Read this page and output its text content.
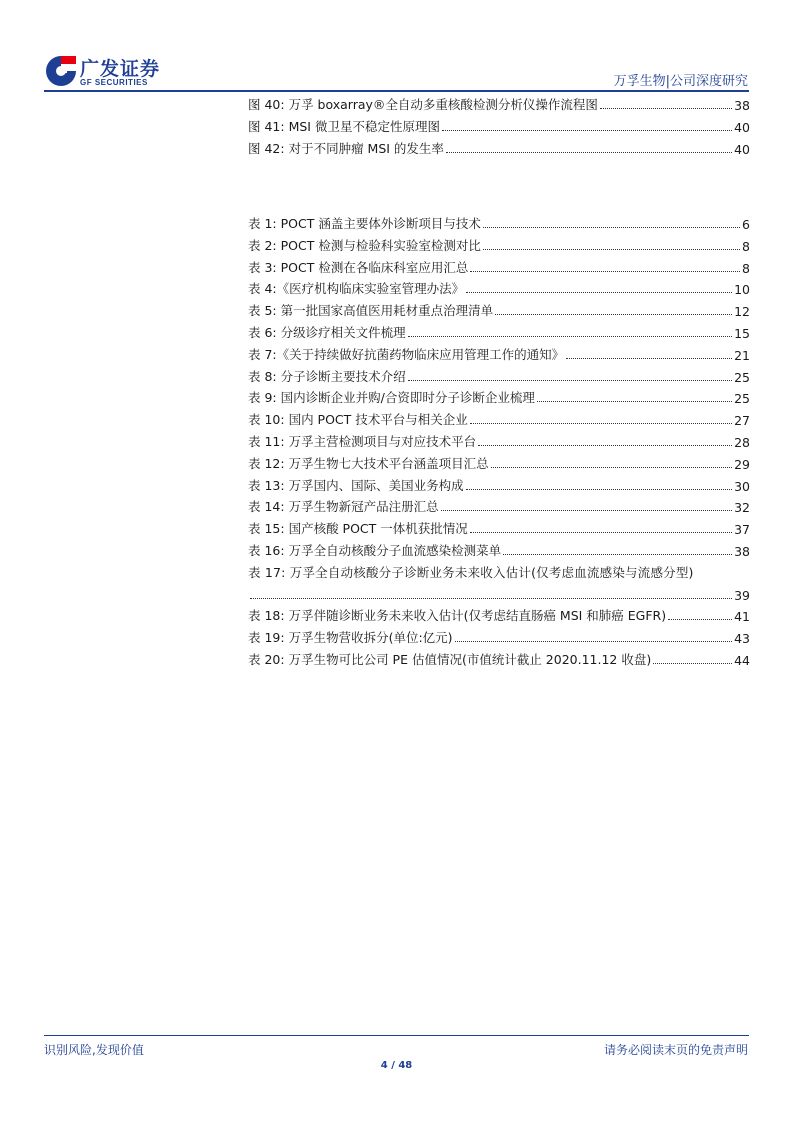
广发证券
GF SECURITIES	万孚生物|公司深度研究
图 40: 万孚 boxarray®全自动多重核酸检测分析仪操作流程图	38
图 41: MSI 微卫星不稳定性原理图	40
图 42: 对于不同肿瘤 MSI 的发生率	40
表 1: POCT 涵盖主要体外诊断项目与技术	6
表 2: POCT 检测与检验科实验室检测对比	8
表 3: POCT 检测在各临床科室应用汇总	8
表 4:《医疗机构临床实验室管理办法》	10
表 5: 第一批国家高值医用耗材重点治理清单	12
表 6: 分级诊疗相关文件梳理	15
表 7:《关于持续做好抗菌药物临床应用管理工作的通知》	21
表 8: 分子诊断主要技术介绍	25
表 9: 国内诊断企业并购/合资即时分子诊断企业梳理	25
表 10: 国内 POCT 技术平台与相关企业	27
表 11: 万孚主营检测项目与对应技术平台	28
表 12: 万孚生物七大技术平台涵盖项目汇总	29
表 13: 万孚国内、国际、美国业务构成	30
表 14: 万孚生物新冠产品注册汇总	32
表 15: 国产核酸 POCT 一体机获批情况	37
表 16: 万孚全自动核酸分子血流感染检测菜单	38
表 17: 万孚全自动核酸分子诊断业务未来收入估计(仅考虑血流感染与流感分型)
39
表 18: 万孚伴随诊断业务未来收入估计(仅考虑结直肠癌 MSI 和肺癌 EGFR)	41
表 19: 万孚生物营收拆分(单位:亿元)	43
表 20: 万孚生物可比公司 PE 估值情况(市值统计截止 2020.11.12 收盘)	44
识别风险,发现价值	请务必阅读末页的免责声明
4 / 48
